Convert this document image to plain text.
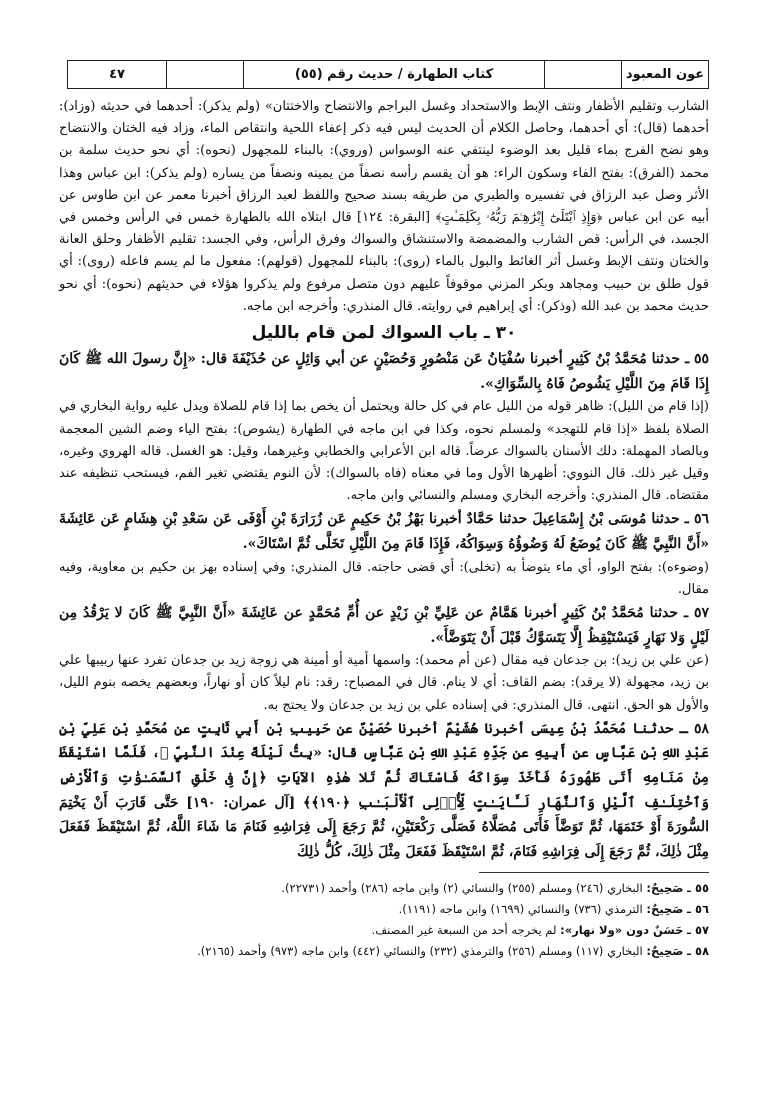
عون المعبود
كتاب الطهارة / حديث رقم (٥٥)
٤٧

الشارب وتقليم الأظفار ونتف الإبط والاستحداد وغسل البراجم والانتضاح والاختتان» (ولم يذكر): أحدهما في حديثه (وزاد): أحدهما (قال): أي أحدهما، وحاصل الكلام أن الحديث ليس فيه ذكر إعفاء اللحية وانتقاص الماء، وزاد فيه الختان والانتضاح وهو نضح الفرج بماء قليل بعد الوضوء لينتفي عنه الوسواس (وروي): بالبناء للمجهول (نحوه): أي نحو حديث سلمة بن محمد (الفرق): بفتح الفاء وسكون الراء: هو أن يقسم رأسه نصفاً من يمينه ونصفاً من يساره (ولم يذكر): ابن عباس وهذا الأثر وصل عبد الرزاق في تفسيره والطبري من طريقه بسند صحيح واللفظ لعبد الرزاق أخبرنا معمر عن ابن طاوس عن أبيه عن ابن عباس ﴿وَإِذِ ٱبْتَلَىٰٓ إِبْرَٰهِـۧمَ رَبُّهُۥ بِكَلِمَـٰتٍ﴾ [البقرة: ١٢٤] قال ابتلاه الله بالطهارة خمس في الرأس وخمس في الجسد، في الرأس: قص الشارب والمضمضة والاستنشاق والسواك وفرق الرأس، وفي الجسد: تقليم الأظفار وحلق العانة والختان ونتف الإبط وغسل أثر الغائط والبول بالماء (روى): بالبناء للمجهول (قولهم): مفعول ما لم يسم فاعله (روى): أي قول طلق بن حبيب ومجاهد وبكر المزني موقوفاً عليهم دون متصل مرفوع ولم يذكروا هؤلاء في حديثهم (نحوه): أي نحو حديث محمد بن عبد الله (وذكر): أي إبراهيم في روايته. قال المنذري: وأخرجه ابن ماجه.

٣٠ ـ باب السواك لمن قام بالليل

٥٥ ـ حدثنا مُحَمَّدُ بْنُ كَثِيرٍ أخبرنا سُفْيَانُ عَن مَنْصُورٍ وَحُصَيْنٍ عن أبي وَائِلٍ عن حُذَيْفَةَ قال: «إِنَّ رسولَ الله ﷺ كَانَ إِذَا قَامَ مِنَ اللَّيْلِ يَشُوصُ فَاهُ بِالسِّوَاكِ».

(إذا قام من الليل): ظاهر قوله من الليل عام في كل حالة ويحتمل أن يخص بما إذا قام للصلاة ويدل عليه رواية البخاري في الصلاة بلفظ «إذا قام للتهجد» ولمسلم نحوه، وكذا في ابن ماجه في الطهارة (يشوص): بفتح الياء وضم الشين المعجمة وبالصاد المهملة: دلك الأسنان بالسواك عرضاً. قاله ابن الأعرابي والخطابي وغيرهما، وقيل: هو الغسل. قاله الهروي وغيره، وقيل غير ذلك. قال النووي: أظهرها الأول وما في معناه (فاه بالسواك): لأن النوم يقتضي تغير الفم، فيستحب تنظيفه عند مقتضاه. قال المنذري: وأخرجه البخاري ومسلم والنسائي وابن ماجه.

٥٦ ـ حدثنا مُوسَى بْنُ إِسْمَاعِيلَ حدثنا حَمَّادٌ أخبرنا بَهْزُ بْنُ حَكِيمٍ عَن زُرَارَةَ بْنِ أَوْفَى عَن سَعْدِ بْنِ هِشَامٍ عَن عَائِشَةَ «أَنَّ النَّبِيَّ ﷺ كَانَ يُوضَعُ لَهُ وَضُوؤُهُ وَسِوَاكُهُ، فَإِذَا قَامَ مِنَ اللَّيْلِ تَخَلَّى ثُمَّ اسْتَاكَ».

(وضوءه): بفتح الواو، أي ماء يتوضأ به (تخلى): أي قضى حاجته. قال المنذري: وفي إسناده بهز بن حكيم بن معاوية، وفيه مقال.

٥٧ ـ حدثنا مُحَمَّدُ بْنُ كَثِيرٍ أخبرنا هَمَّامٌ عن عَلِيِّ بْنِ زَيْدٍ عن أُمِّ مُحَمَّدٍ عن عَائِشَةَ «أَنَّ النَّبِيَّ ﷺ كَانَ لا يَرْقُدُ مِن لَيْلٍ وَلا نَهَارٍ فَيَسْتَيْقِظُ إِلَّا يَتَسَوَّكُ قَبْلَ أَنْ يَتَوَضَّأَ».

(عن علي بن زيد): بن جدعان فيه مقال (عن أم محمد): واسمها أمية أو أمينة هي زوجة زيد بن جدعان تفرد عنها ربيبها علي بن زيد، مجهولة (لا يرقد): بضم القاف: أي لا ينام. قال في المصباح: رقد: نام ليلاً كان أو نهاراً، وبعضهم يخصه بنوم الليل، والأول هو الحق. انتهى. قال المنذري: في إسناده علي بن زيد بن جدعان ولا يحتج به.

٥٨ ـ حدثنا مُحَمَّدُ بْنُ عِيسَى أخبرنا هُشَيْمٌ أخبرنا حُصَيْنٌ عن حَبِيبِ بْنِ أَبِي ثَابِتٍ عن مُحَمَّدِ بْنِ عَلِيِّ بْنِ عَبْدِ اللهِ بْنِ عَبَّاسٍ عن أَبِيهِ عن جَدِّهِ عَبْدِ اللهِ بْنِ عَبَّاسٍ قال: «بِتُّ لَيْلَةً عِنْدَ النَّبِيِّ ﷺ، فَلَمَّا اسْتَيْقَظَ مِنْ مَنَامِهِ أَتَى طَهُورَهُ فَأَخَذَ سِوَاكَهُ فَاسْتَاكَ ثُمَّ تَلا هٰذِهِ الآيَاتِ ﴿إِنَّ فِى خَلْقِ ٱلسَّمَـٰوَٰتِ وَٱلْأَرْضِ وَٱخْتِلَـٰفِ ٱلَّيْلِ وَٱلنَّهَارِ لَـَٔايَـٰتٍ لِّأُو۟لِى ٱلْأَلْبَـٰبِ ﴿١٩٠﴾﴾ [آل عمران: ١٩٠] حَتَّى قَارَبَ أَنْ يَخْتِمَ السُّورَةَ أَوْ خَتَمَهَا، ثُمَّ تَوَضَّأَ فَأَتَى مُصَلَّاهُ فَصَلَّى رَكْعَتَيْنِ، ثُمَّ رَجَعَ إِلَى فِرَاشِهِ فَنَامَ مَا شَاءَ اللَّهُ، ثُمَّ اسْتَيْقَظَ فَفَعَلَ مِثْلَ ذٰلِكَ، ثُمَّ رَجَعَ إِلَى فِرَاشِهِ فَنَامَ، ثُمَّ اسْتَيْقَظَ فَفَعَلَ مِثْلَ ذٰلِكَ، كُلُّ ذٰلِكَ

٥٥ ـ صَحِيحٌ: البخاري (٢٤٦) ومسلم (٢٥٥) والنسائي (٢) وابن ماجه (٢٨٦) وأحمد (٢٢٧٣١).
٥٦ ـ صَحِيحٌ: الترمذي (٧٣٦) والنسائي (١٦٩٩) وابن ماجه (١١٩١).
٥٧ ـ حَسَنٌ دون «ولا نهار»: لم يخرجه أحد من السبعة غير المصنف.
٥٨ ـ صَحِيحٌ: البخاري (١١٧) ومسلم (٢٥٦) والترمذي (٢٣٢) والنسائي (٤٤٢) وابن ماجه (٩٧٣) وأحمد (٢١٦٥).
